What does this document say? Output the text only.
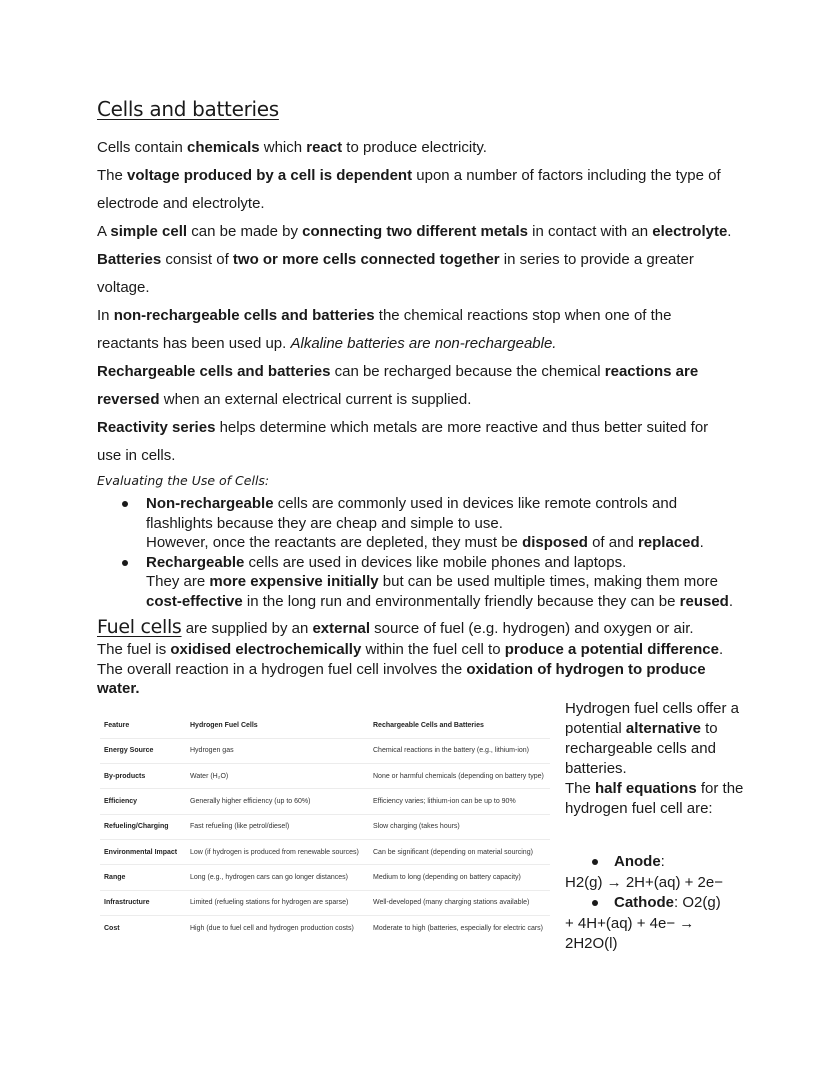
Cells and batteries
Cells contain chemicals which react to produce electricity.
The voltage produced by a cell is dependent upon a number of factors including the type of electrode and electrolyte.
A simple cell can be made by connecting two different metals in contact with an electrolyte.
Batteries consist of two or more cells connected together in series to provide a greater voltage.
In non-rechargeable cells and batteries the chemical reactions stop when one of the reactants has been used up. Alkaline batteries are non-rechargeable.
Rechargeable cells and batteries can be recharged because the chemical reactions are reversed when an external electrical current is supplied.
Reactivity series helps determine which metals are more reactive and thus better suited for use in cells.
Evaluating the Use of Cells:
Non-rechargeable cells are commonly used in devices like remote controls and flashlights because they are cheap and simple to use.
However, once the reactants are depleted, they must be disposed of and replaced.
Rechargeable cells are used in devices like mobile phones and laptops.
They are more expensive initially but can be used multiple times, making them more cost-effective in the long run and environmentally friendly because they can be reused.
Fuel cells are supplied by an external source of fuel (e.g. hydrogen) and oxygen or air.
The fuel is oxidised electrochemically within the fuel cell to produce a potential difference.
The overall reaction in a hydrogen fuel cell involves the oxidation of hydrogen to produce water.
Feature	Hydrogen Fuel Cells	Rechargeable Cells and Batteries
Energy Source	Hydrogen gas	Chemical reactions in the battery (e.g., lithium-ion)
By-products	Water (H₂O)	None or harmful chemicals (depending on battery type)
Efficiency	Generally higher efficiency (up to 60%)	Efficiency varies; lithium-ion can be up to 90%
Refueling/Charging	Fast refueling (like petrol/diesel)	Slow charging (takes hours)
Environmental Impact	Low (if hydrogen is produced from renewable sources)	Can be significant (depending on material sourcing)
Range	Long (e.g., hydrogen cars can go longer distances)	Medium to long (depending on battery capacity)
Infrastructure	Limited (refueling stations for hydrogen are sparse)	Well-developed (many charging stations available)
Cost	High (due to fuel cell and hydrogen production costs)	Moderate to high (batteries, especially for electric cars)
Hydrogen fuel cells offer a potential alternative to rechargeable cells and batteries.
The half equations for the hydrogen fuel cell are:
Anode:
H2(g) → 2H+(aq) + 2e−
Cathode: O2(g)
+ 4H+(aq) + 4e− → 2H2O(l)
